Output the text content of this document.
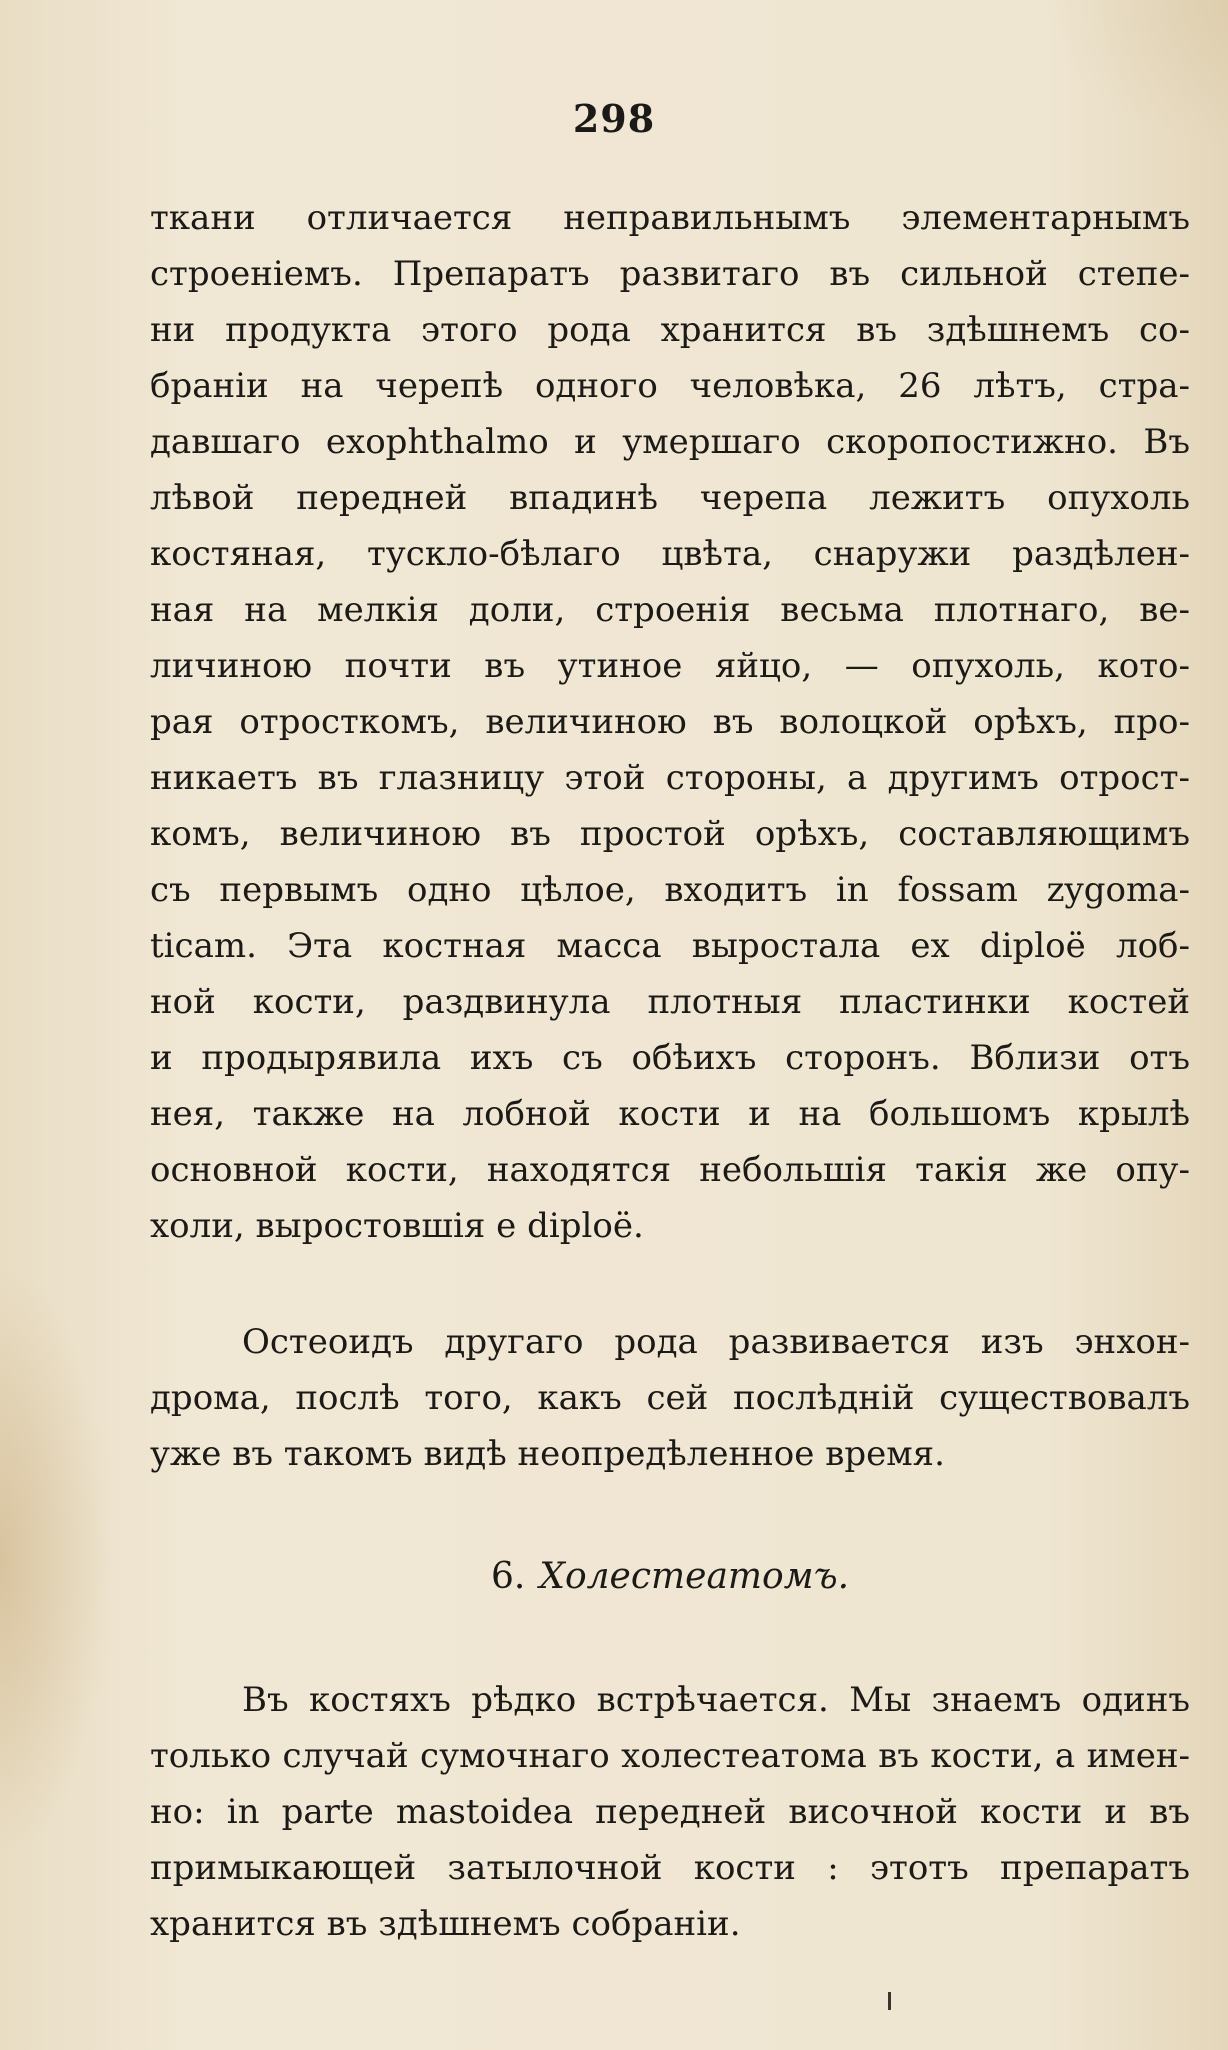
298
ткани отличается неправильнымъ элементарнымъ
строенiемъ. Препаратъ развитаго въ сильной степе-
ни продукта этого рода хранится въ здѣшнемъ со-
бранiи на черепѣ одного человѣка, 26 лѣтъ, стра-
давшаго exophthalmo и умершаго скоропостижно. Въ
лѣвой передней впадинѣ черепа лежитъ опухоль
костяная, тускло-бѣлаго цвѣта, снаружи раздѣлен-
ная на мелкiя доли, строенiя весьма плотнаго, ве-
личиною почти въ утиное яйцо, — опухоль, кото-
рая отросткомъ, величиною въ волоцкой орѣхъ, про-
никаетъ въ глазницу этой стороны, а другимъ отрост-
комъ, величиною въ простой орѣхъ, составляющимъ
съ первымъ одно цѣлое, входитъ in fossam zygoma-
ticam. Эта костная масса выростала ex diploë лоб-
ной кости, раздвинула плотныя пластинки костей
и продырявила ихъ съ обѣихъ сторонъ. Вблизи отъ
нея, также на лобной кости и на большомъ крылѣ
основной кости, находятся небольшiя такiя же опу-
холи, выростовшiя е diploë.
Остеоидъ другаго рода развивается изъ энхон-
дрома, послѣ того, какъ сей послѣднiй существовалъ
уже въ такомъ видѣ неопредѣленное время.
6. Холестеатомъ.
Въ костяхъ рѣдко встрѣчается. Мы знаемъ одинъ
только случай сумочнаго холестеатома въ кости, а имен-
но: in parte mastoidea передней височной кости и въ
примыкающей затылочной кости : этотъ препаратъ
хранится въ здѣшнемъ собранiи.
